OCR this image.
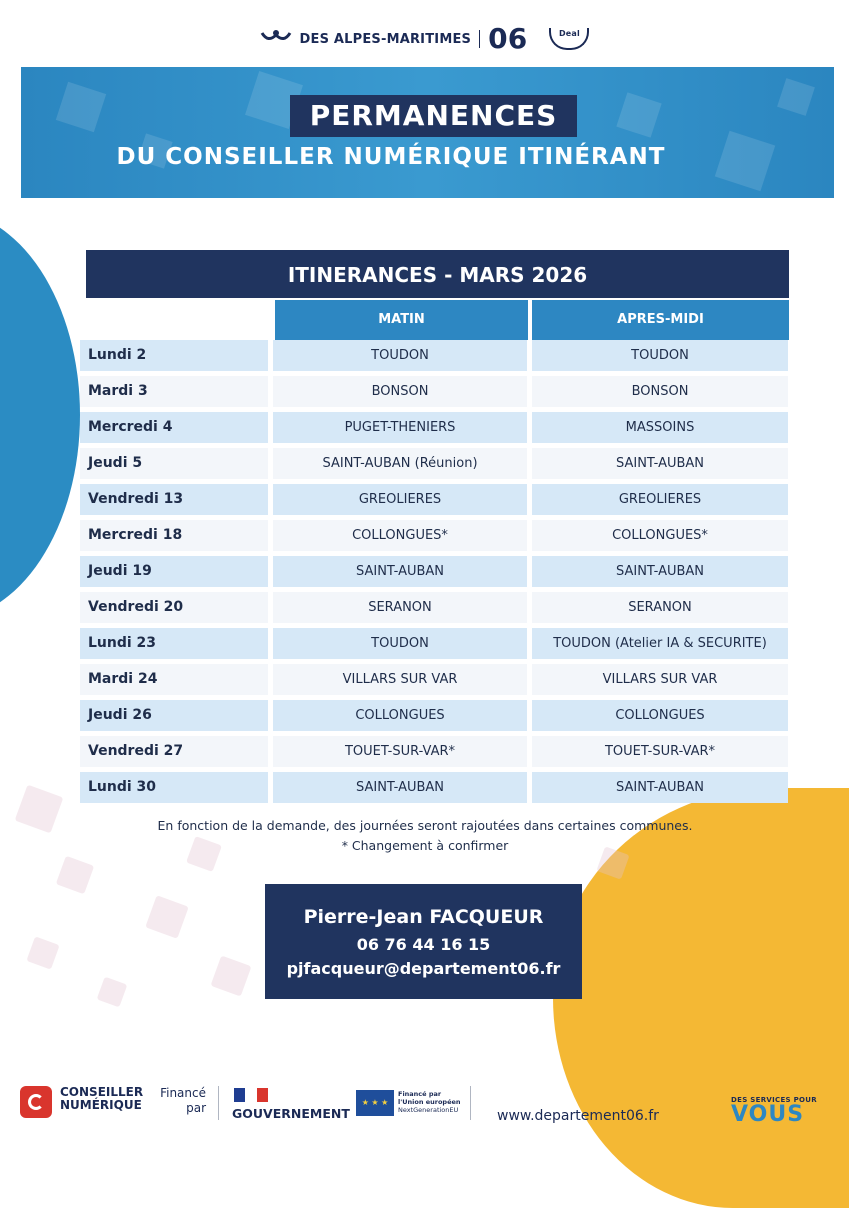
DES ALPES-MARITIMES 06	Deal
PERMANENCES
DU CONSEILLER NUMÉRIQUE ITINÉRANT
ITINERANCES - MARS 2026
MATIN	APRES-MIDI
Lundi 2	TOUDON	TOUDON
Mardi 3	BONSON	BONSON
Mercredi 4	PUGET-THENIERS	MASSOINS
Jeudi 5	SAINT-AUBAN (Réunion)	SAINT-AUBAN
Vendredi 13	GREOLIERES	GREOLIERES
Mercredi 18	COLLONGUES*	COLLONGUES*
Jeudi 19	SAINT-AUBAN	SAINT-AUBAN
Vendredi 20	SERANON	SERANON
Lundi 23	TOUDON	TOUDON (Atelier IA & SECURITE)
Mardi 24	VILLARS SUR VAR	VILLARS SUR VAR
Jeudi 26	COLLONGUES	COLLONGUES
Vendredi 27	TOUET-SUR-VAR*	TOUET-SUR-VAR*
Lundi 30	SAINT-AUBAN	SAINT-AUBAN
En fonction de la demande, des journées seront rajoutées dans certaines communes.
* Changement à confirmer
Pierre-Jean FACQUEUR
06 76 44 16 15
pjfacqueur@departement06.fr
CONSEILLER
NUMÉRIQUE
Financé
par GOUVERNEMENT
★ ★ ★
Financé par
l'Union européen
NextGenerationEU	www.departement06.fr
DES SERVICES POUR
VOUS
